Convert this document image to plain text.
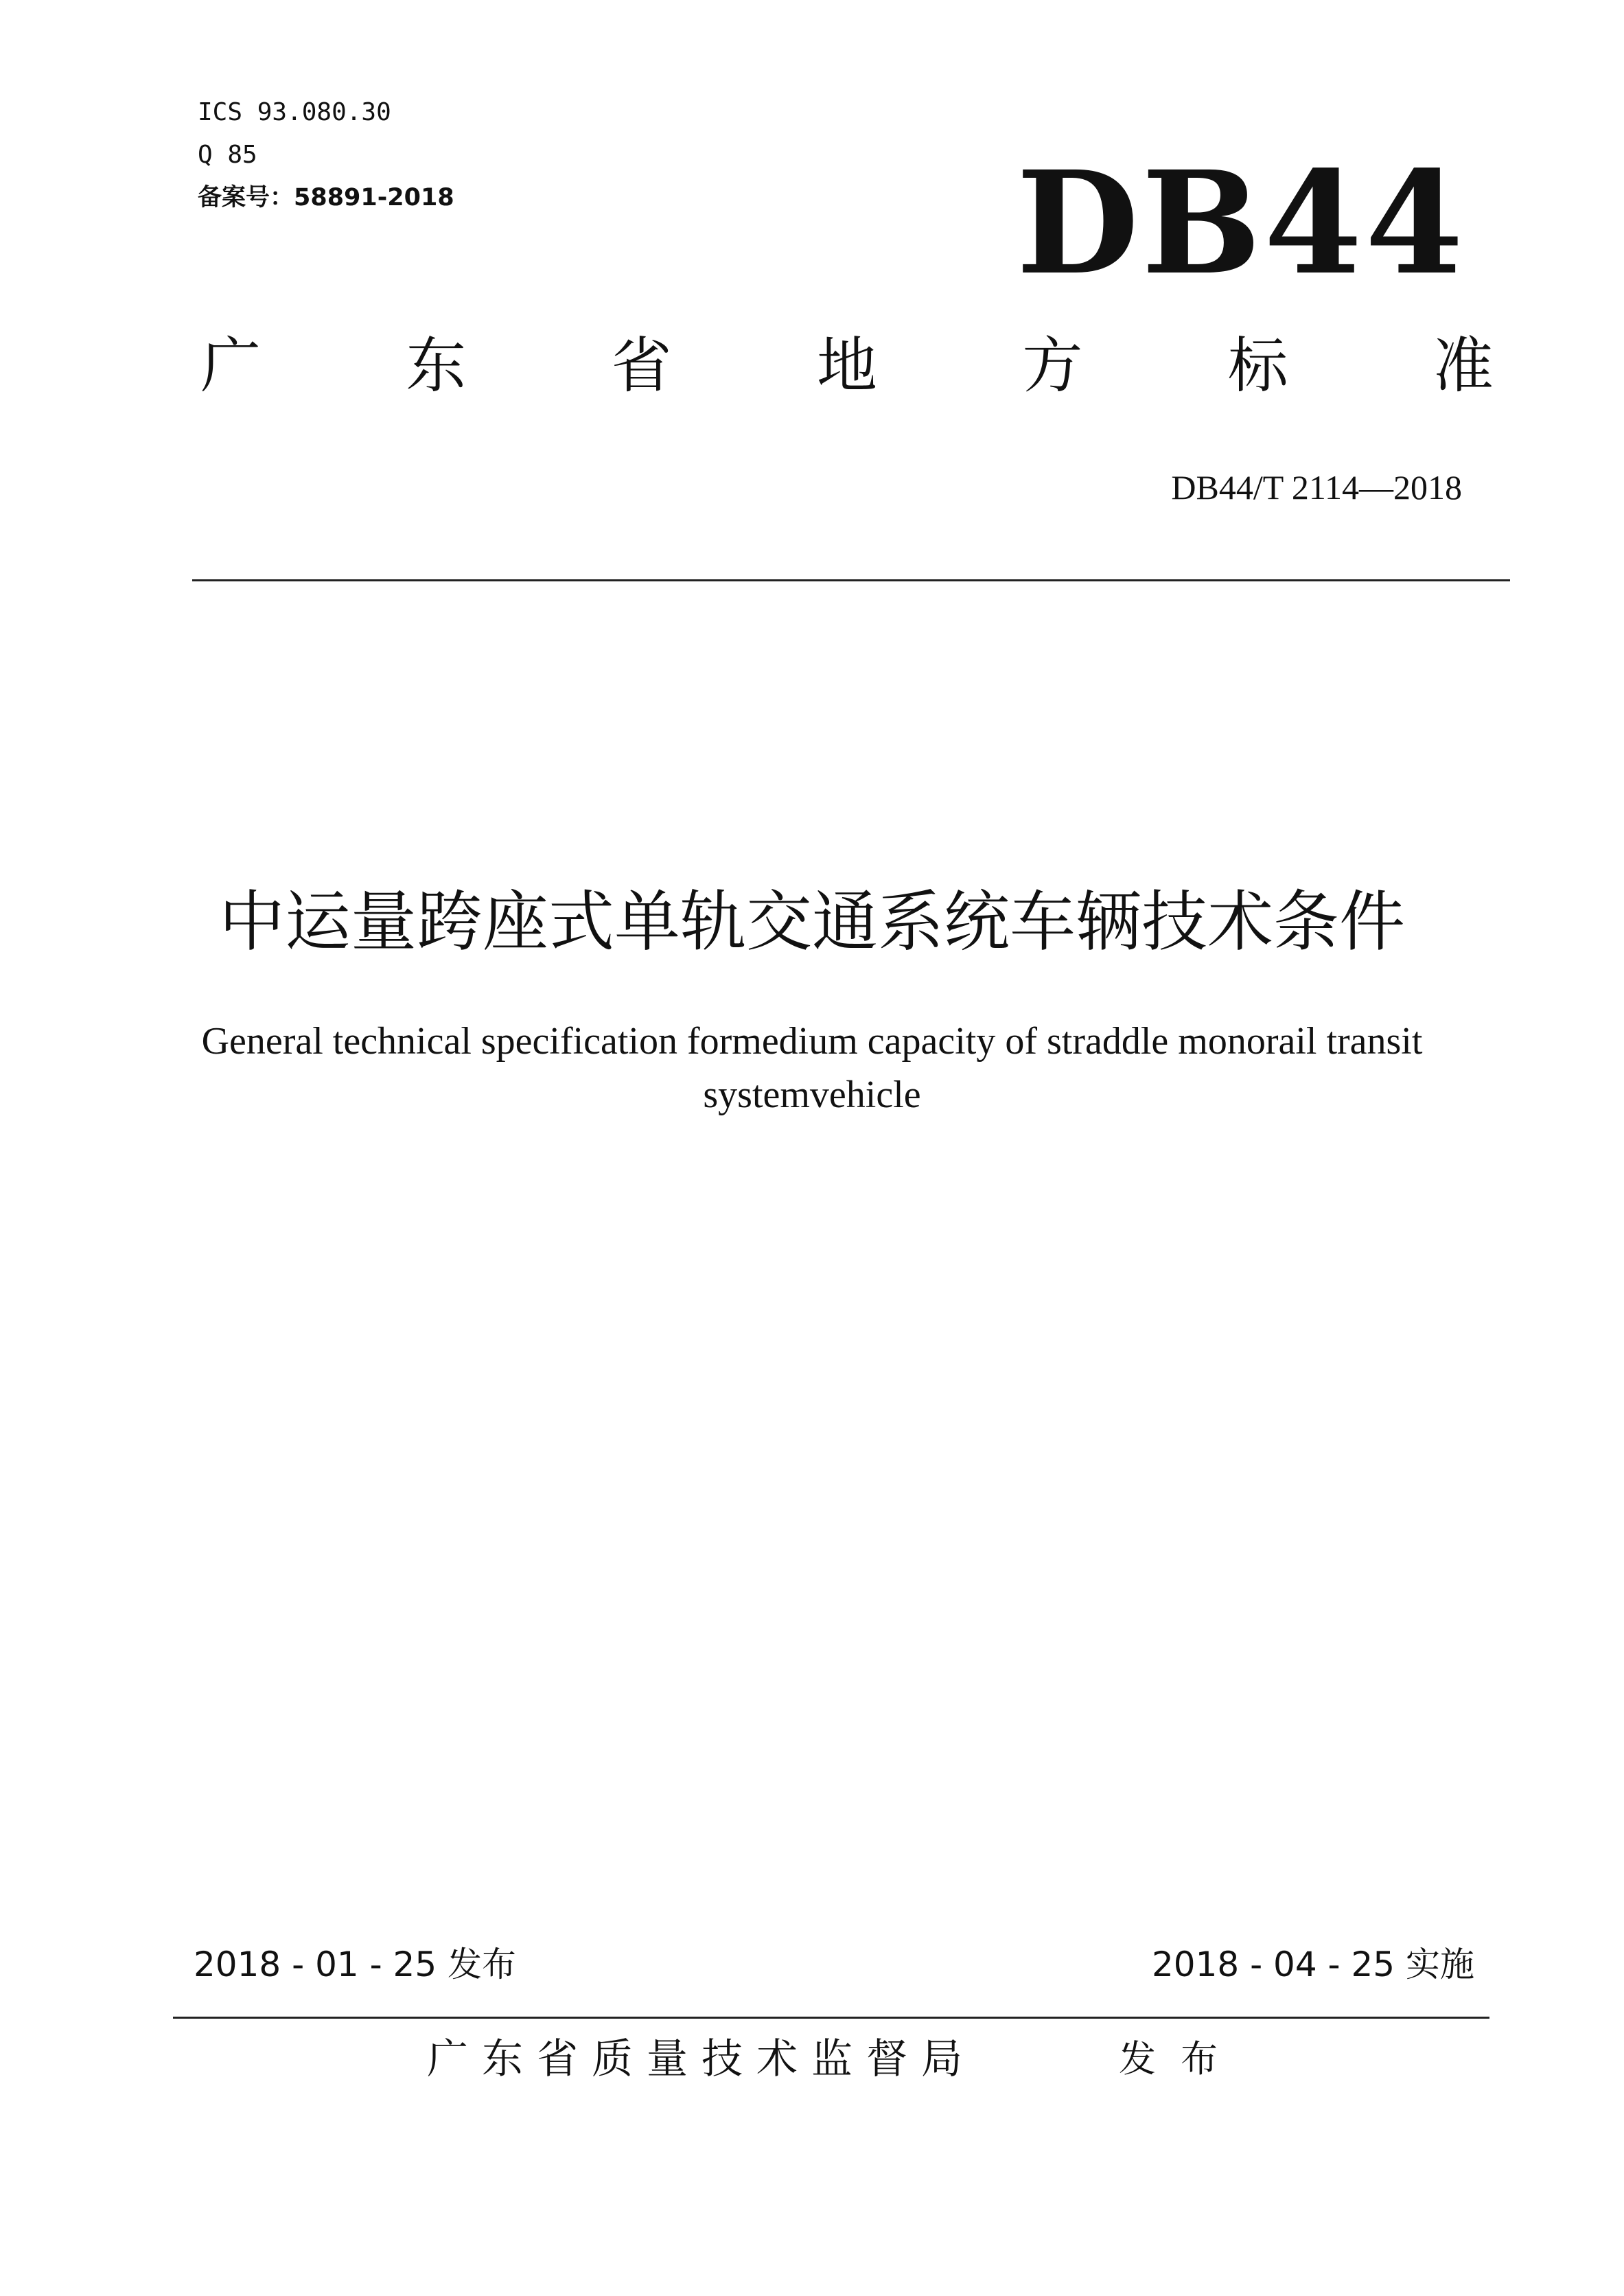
ICS 93.080.30
Q 85
备案号：58891-2018	DB44
广 东 省 地 方 标 准
DB44/T 2114—2018
中运量跨座式单轨交通系统车辆技术条件
General technical specification formedium capacity of straddle monorail transit
systemvehicle
2018 - 01 - 25 发布	2018 - 04 - 25 实施
广东省质量技术监督局	发布
